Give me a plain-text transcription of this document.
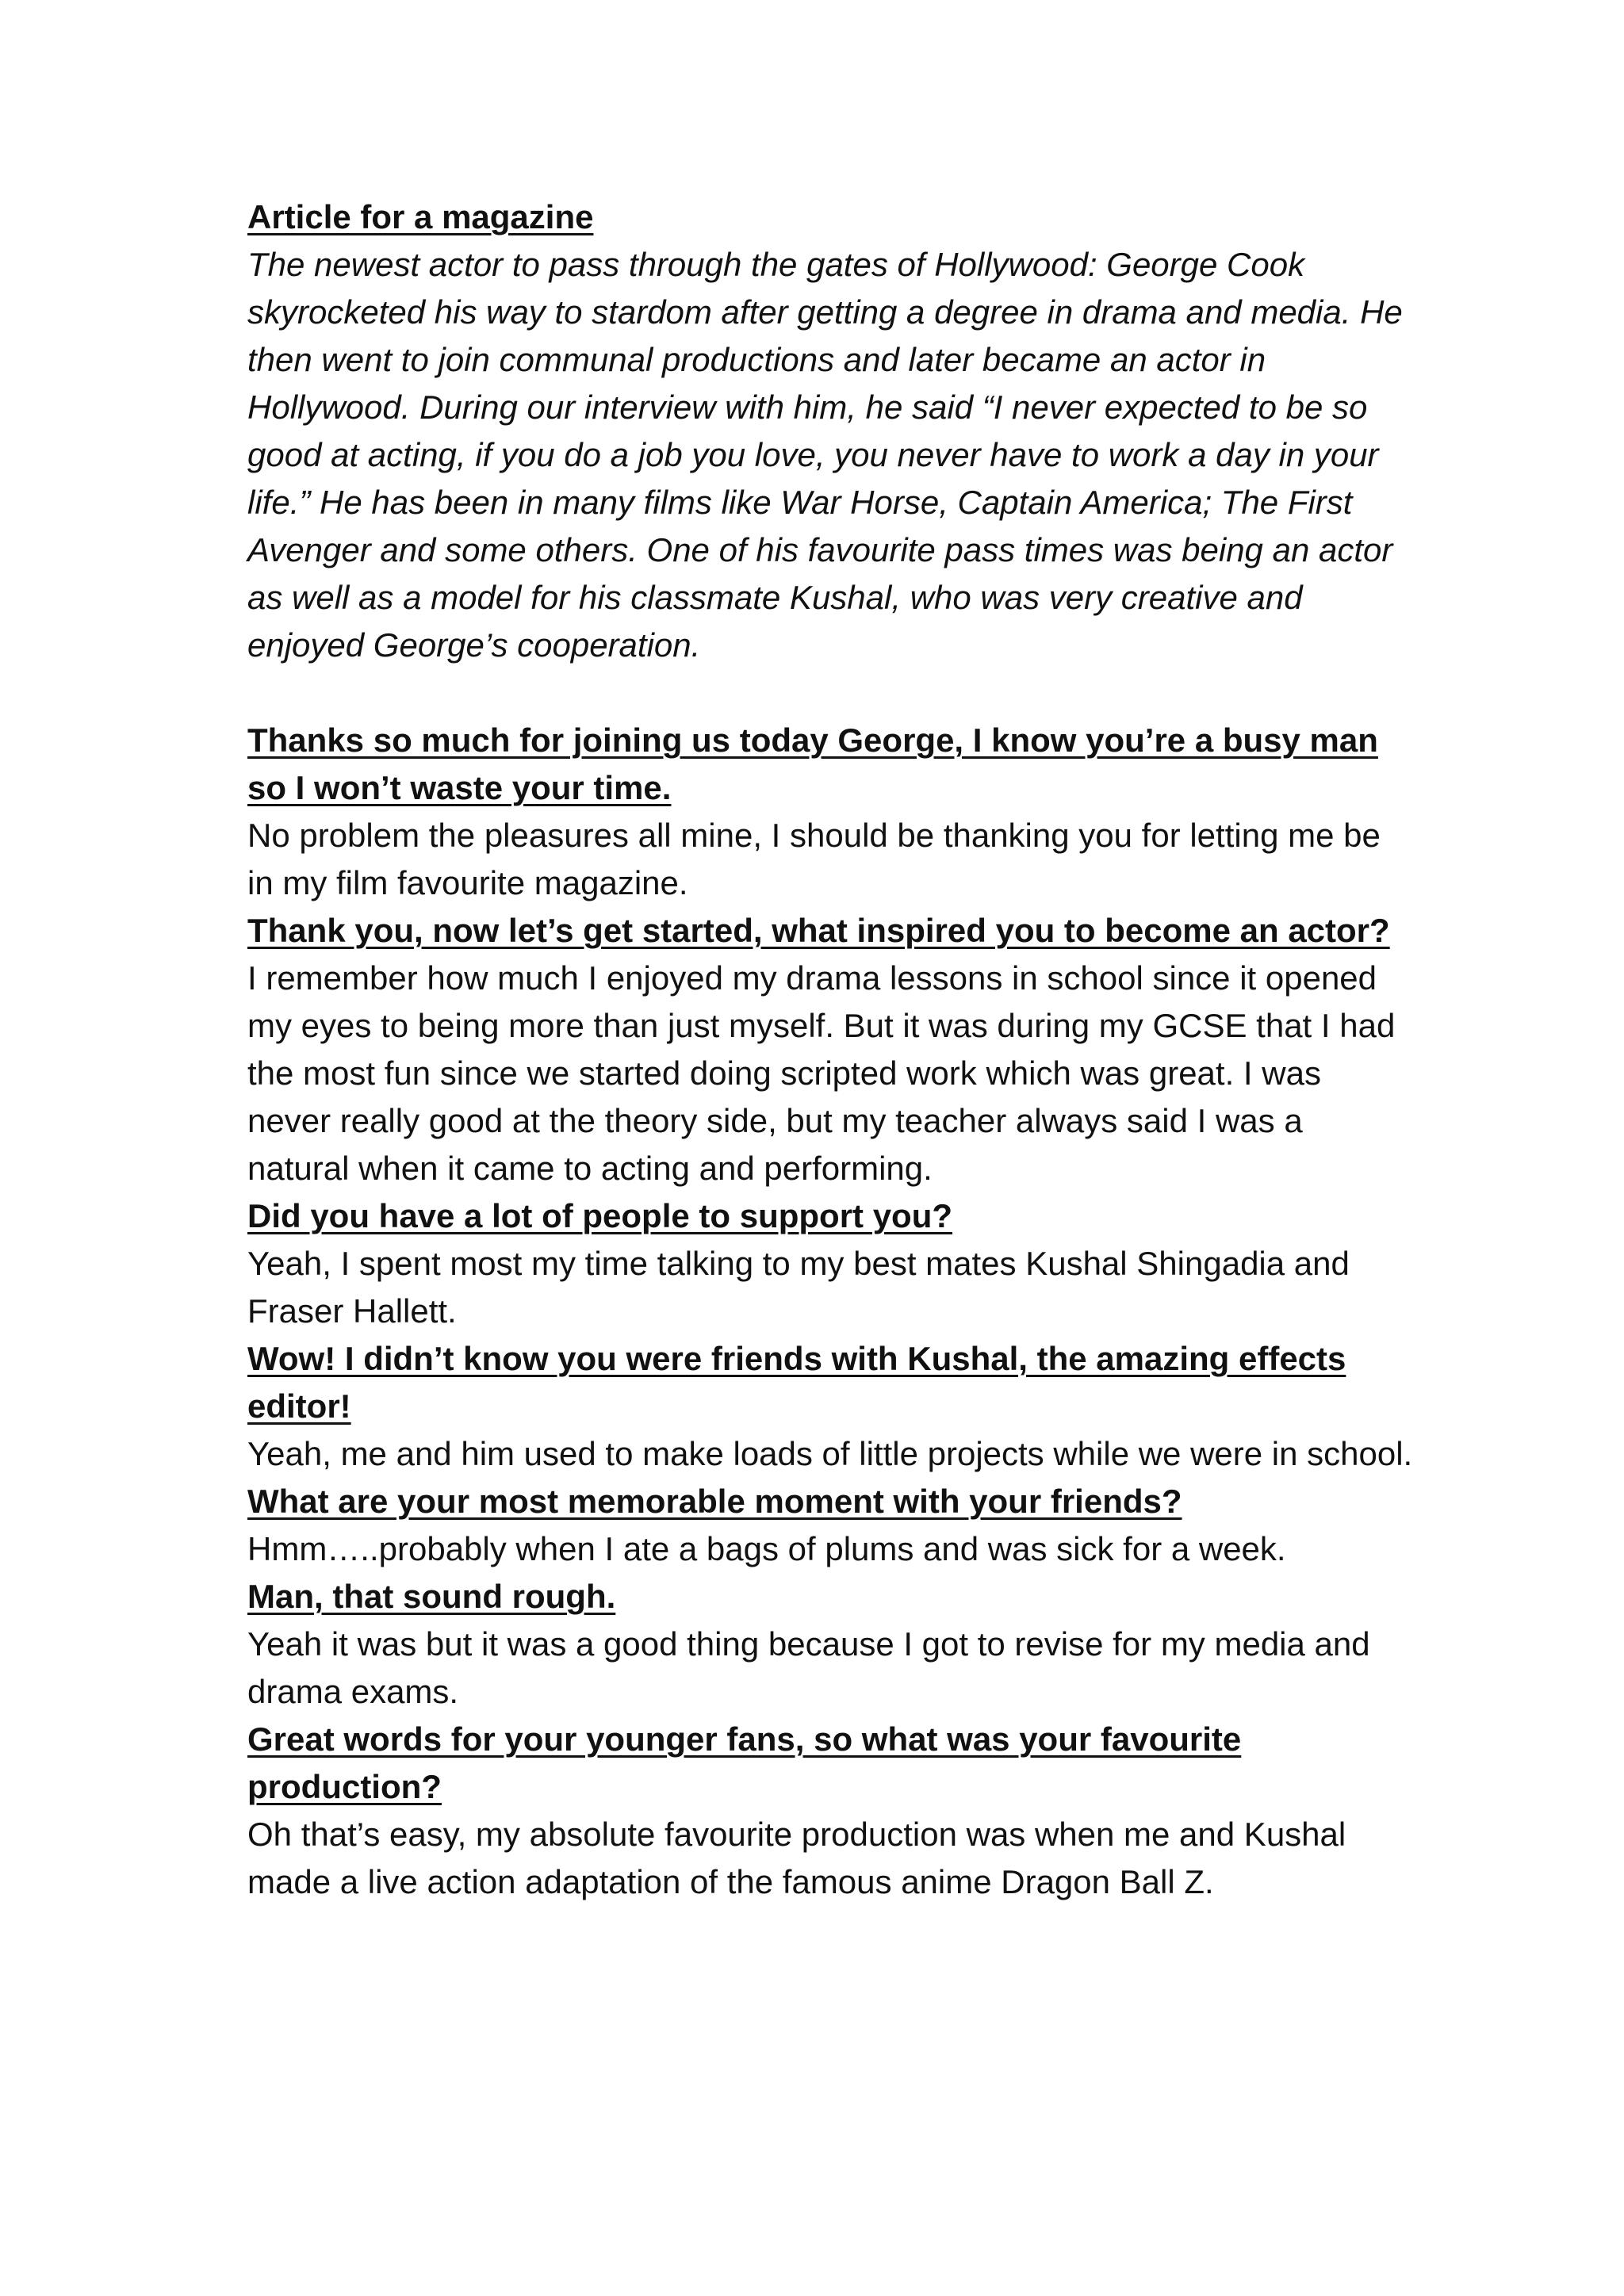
Article for a magazine

The newest actor to pass through the gates of Hollywood: George Cook skyrocketed his way to stardom after getting a degree in drama and media. He then went to join communal productions and later became an actor in Hollywood. During our interview with him, he said “I never expected to be so good at acting, if you do a job you love, you never have to work a day in your life.” He has been in many films like War Horse, Captain America; The First Avenger and some others. One of his favourite pass times was being an actor as well as a model for his classmate Kushal, who was very creative and enjoyed George’s cooperation.

Thanks so much for joining us today George, I know you’re a busy man so I won’t waste your time.

No problem the pleasures all mine, I should be thanking you for letting me be in my film favourite magazine.

Thank you, now let’s get started, what inspired you to become an actor?

I remember how much I enjoyed my drama lessons in school since it opened my eyes to being more than just myself. But it was during my GCSE that I had the most fun since we started doing scripted work which was great. I was never really good at the theory side, but my teacher always said I was a natural when it came to acting and performing.

Did you have a lot of people to support you?

Yeah, I spent most my time talking to my best mates Kushal Shingadia and Fraser Hallett.

Wow! I didn’t know you were friends with Kushal, the amazing effects editor!

Yeah, me and him used to make loads of little projects while we were in school.

What are your most memorable moment with your friends?

Hmm…..probably when I ate a bags of plums and was sick for a week.

Man, that sound rough.

Yeah it was but it was a good thing because I got to revise for my media and drama exams.

Great words for your younger fans, so what was your favourite production?

Oh that’s easy, my absolute favourite production was when me and Kushal made a live action adaptation of the famous anime Dragon Ball Z.
